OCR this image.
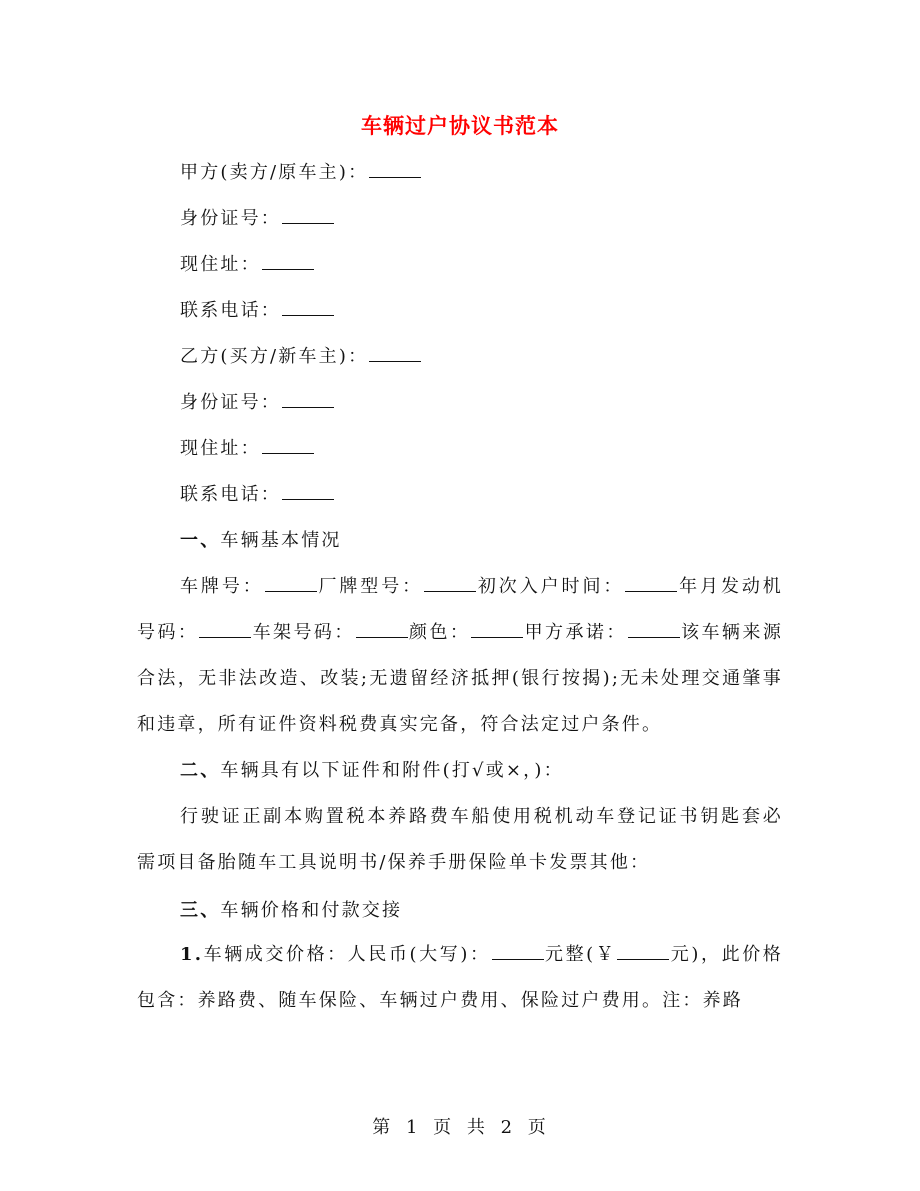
车辆过户协议书范本
甲方(卖方/原车主)：
身份证号：
现住址：
联系电话：
乙方(买方/新车主)：
身份证号：
现住址：
联系电话：
一、车辆基本情况
车牌号：	厂牌型号：	初次入户时间：	年月发动机号码：	车架号码：	颜色：	甲方承诺：	该车辆来源合法，无非法改造、改装;无遗留经济抵押(银行按揭);无未处理交通肇事和违章，所有证件资料税费真实完备，符合法定过户条件。
二、车辆具有以下证件和附件(打√或×，)：
行驶证正副本购置税本养路费车船使用税机动车登记证书钥匙套必需项目备胎随车工具说明书/保养手册保险单卡发票其他：
三、车辆价格和付款交接
1.车辆成交价格：人民币(大写)：	元整(￥	元)，此价格包含：养路费、随车保险、车辆过户费用、保险过户费用。注：养路
第 1 页 共 2 页
